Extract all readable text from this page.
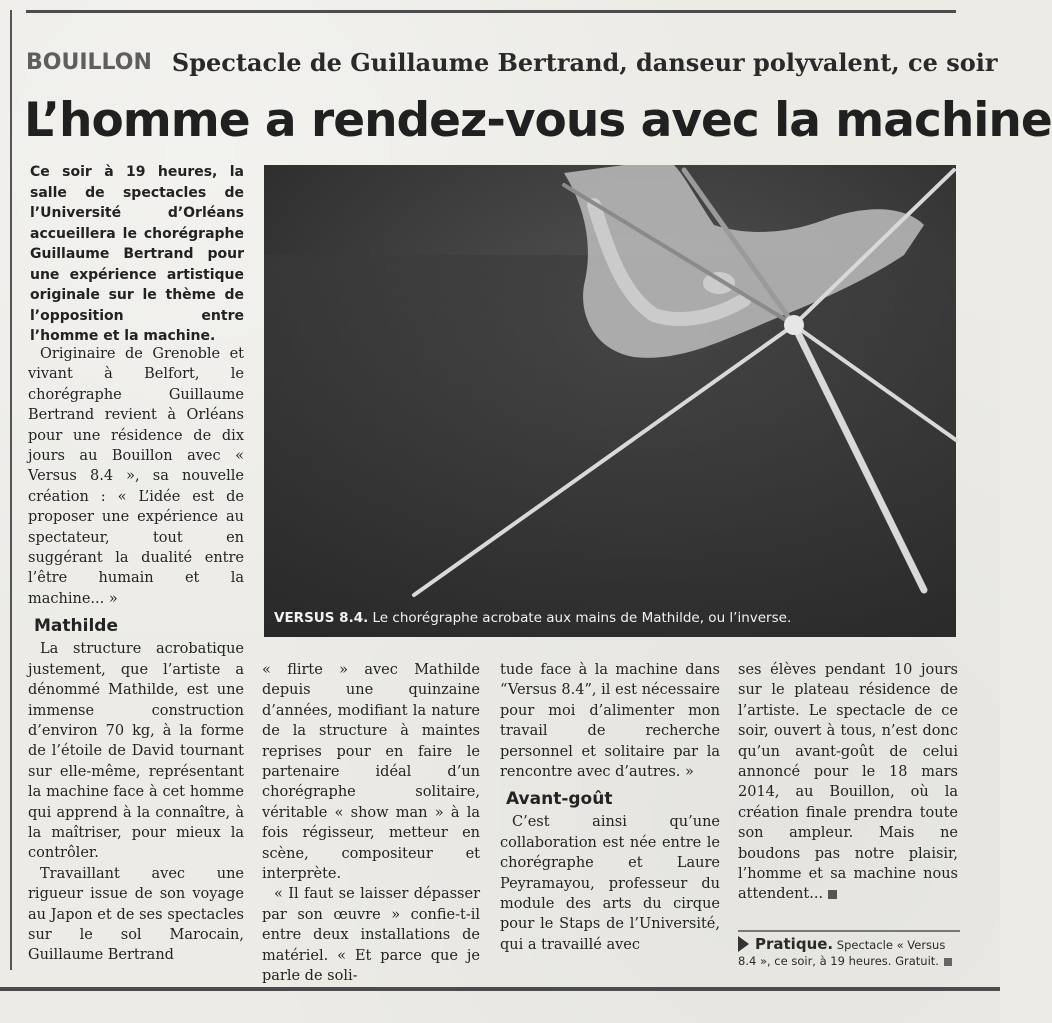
BOUILLON Spectacle de Guillaume Bertrand, danseur polyvalent, ce soir
L’homme a rendez-vous avec la machine
Ce soir à 19 heures, la salle de spectacles de l’Université d’Orléans accueillera le chorégraphe Guillaume Bertrand pour une expérience artistique originale sur le thème de l’opposition entre l’homme et la machine.

Originaire de Grenoble et vivant à Belfort, le chorégraphe Guillaume Bertrand revient à Orléans pour une résidence de dix jours au Bouillon avec « Versus 8.4 », sa nouvelle création : « L’idée est de proposer une expérience au spectateur, tout en suggérant la dualité entre l’être humain et la machine... »

Mathilde

La structure acrobatique justement, que l’artiste a dénommé Mathilde, est une immense construction d’environ 70 kg, à la forme de l’étoile de David tournant sur elle-même, représentant la machine face à cet homme qui apprend à la connaître, à la maîtriser, pour mieux la contrôler.

Travaillant avec une rigueur issue de son voyage au Japon et de ses spectacles sur le sol Marocain, Guillaume Bertrand

VERSUS 8.4. Le chorégraphe acrobate aux mains de Mathilde, ou l’inverse.

« flirte » avec Mathilde depuis une quinzaine d’années, modifiant la nature de la structure à maintes reprises pour en faire le partenaire idéal d’un chorégraphe solitaire, véritable « show man » à la fois régisseur, metteur en scène, compositeur et interprète.

« Il faut se laisser dépasser par son œuvre » confie-t-il entre deux installations de matériel. « Et parce que je parle de soli-

tude face à la machine dans “Versus 8.4”, il est nécessaire pour moi d’alimenter mon travail de recherche personnel et solitaire par la rencontre avec d’autres. »

Avant-goût

C’est ainsi qu’une collaboration est née entre le chorégraphe et Laure Peyramayou, professeur du module des arts du cirque pour le Staps de l’Université, qui a travaillé avec

ses élèves pendant 10 jours sur le plateau résidence de l’artiste. Le spectacle de ce soir, ouvert à tous, n’est donc qu’un avant-goût de celui annoncé pour le 18 mars 2014, au Bouillon, où la création finale prendra toute son ampleur. Mais ne boudons pas notre plaisir, l’homme et sa machine nous attendent...

Pratique. Spectacle « Versus 8.4 », ce soir, à 19 heures. Gratuit.
